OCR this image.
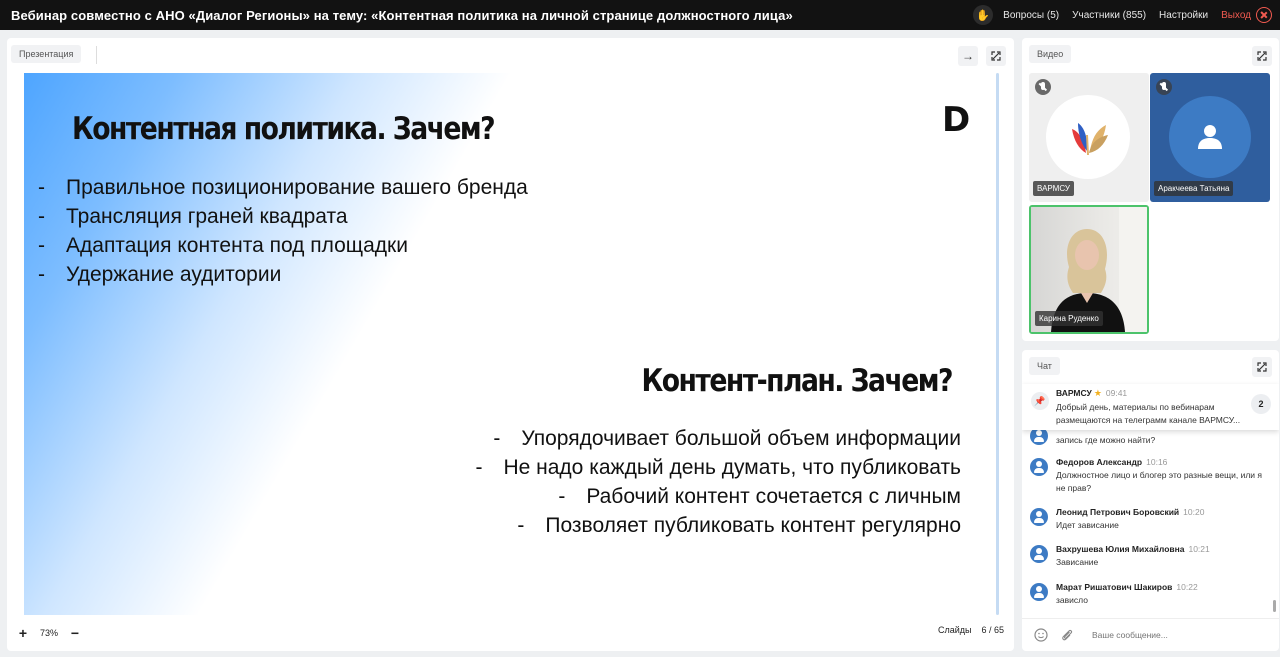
Вебинар совместно с АНО «Диалог Регионы» на тему: «Контентная политика на личной странице должностного лица»	✋ Вопросы (5) Участники (855) Настройки Выход
Презентация	→
Контентная политика. Зачем?	D
- Правильное позиционирование вашего бренда
- Трансляция граней квадрата
- Адаптация контента под площадки
- Удержание аудитории
Контент-план. Зачем?
- Упорядочивает большой объем информации
- Не надо каждый день думать, что публиковать
- Рабочий контент сочетается с личным
- Позволяет публиковать контент регулярно
+	73% −	Слайды 6 / 65
Видео
ВАРМСУ	Аракчеева Татьяна
Карина Руденко
Чат
📌
ВАРМСУ ★ 09:41
Добрый день, материалы по вебинарам размещаются на телеграмм канале ВАРМСУ...
2
запись где можно найти?
Федоров Александр 10:16
Должностное лицо и блогер это разные вещи, или я не прав?
Леонид Петрович Боровский 10:20
Идет зависание
Вахрушева Юлия Михайловна 10:21
Зависание
Марат Ришатович Шакиров 10:22
зависло
Ваше сообщение...
